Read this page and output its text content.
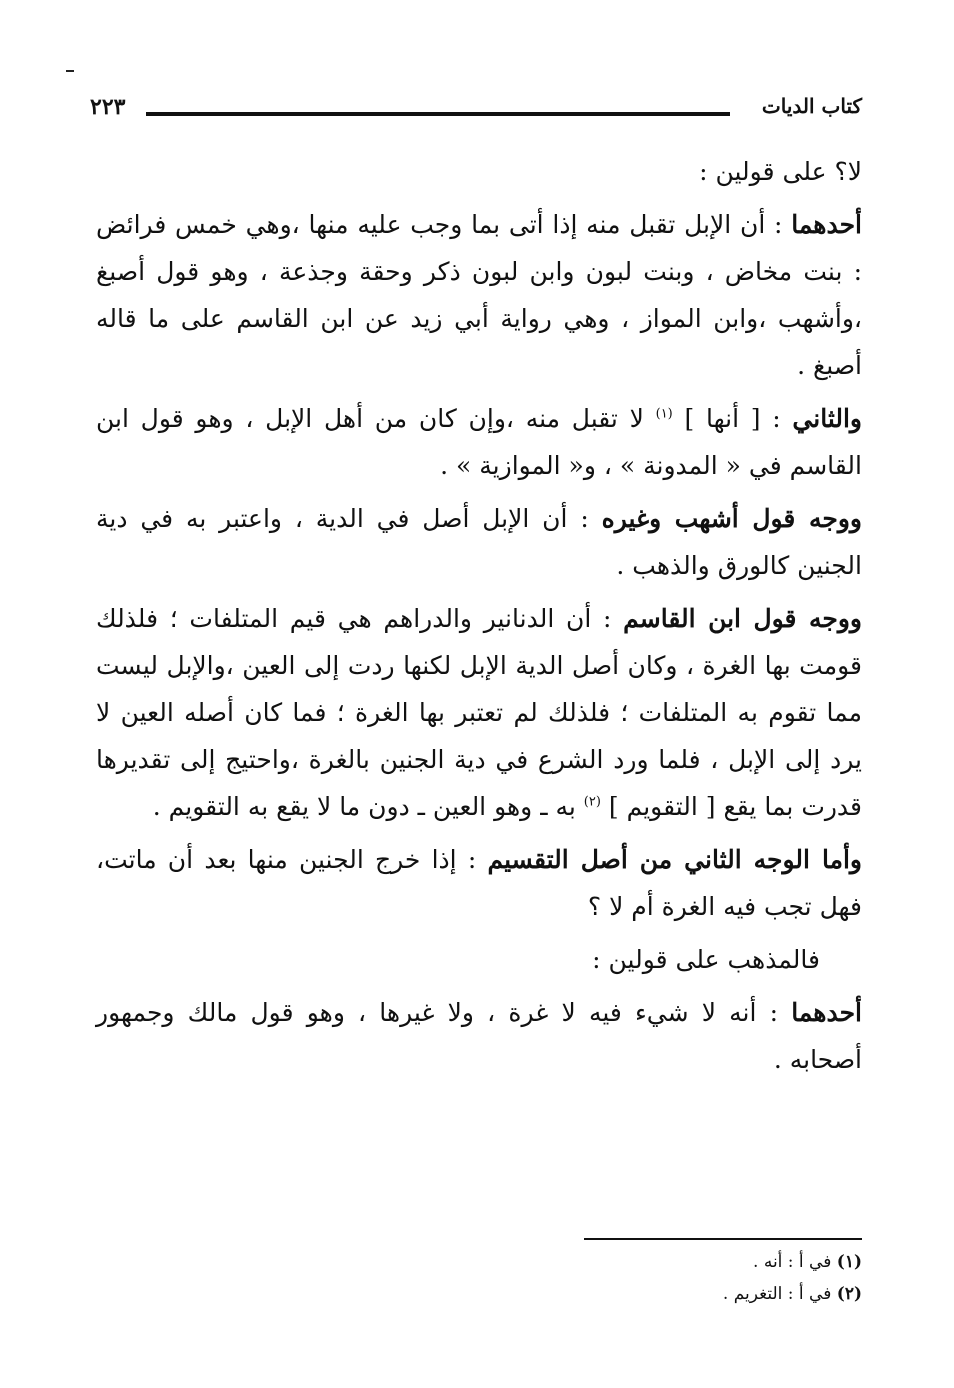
٢٢٣	كتاب الديات

لا؟ على قولين :

أحدهما : أن الإبل تقبل منه إذا أتى بما وجب عليه منها ،وهي خمس فرائض : بنت مخاض ، وبنت لبون وابن لبون ذكر وحقة وجذعة ، وهو قول أصبغ ،وأشهب ،وابن المواز ، وهي رواية أبي زيد عن ابن القاسم على ما قاله أصبغ .

والثاني : [ أنها ] $^{(١)}$ لا تقبل منه ،وإن كان من أهل الإبل ، وهو قول ابن القاسم في « المدونة » ، و« الموازية » .

ووجه قول أشهب وغيره : أن الإبل أصل في الدية ، واعتبر به في دية الجنين كالورق والذهب .

ووجه قول ابن القاسم : أن الدنانير والدراهم هي قيم المتلفات ؛ فلذلك قومت بها الغرة ، وكان أصل الدية الإبل لكنها ردت إلى العين ،والإبل ليست مما تقوم به المتلفات ؛ فلذلك لم تعتبر بها الغرة ؛ فما كان أصله العين لا يرد إلى الإبل ، فلما ورد الشرع في دية الجنين بالغرة ،واحتيج إلى تقديرها قدرت بما يقع [ التقويم ] $^{(٢)}$ به ـ وهو العين ـ دون ما لا يقع به التقويم .

وأما الوجه الثاني من أصل التقسيم : إذا خرج الجنين منها بعد أن ماتت، فهل تجب فيه الغرة أم لا ؟

فالمذهب على قولين :

أحدهما : أنه لا شيء فيه لا غرة ، ولا غيرها ، وهو قول مالك وجمهور أصحابه .

(١) في أ : أنه .
(٢) في أ : التغريم .
